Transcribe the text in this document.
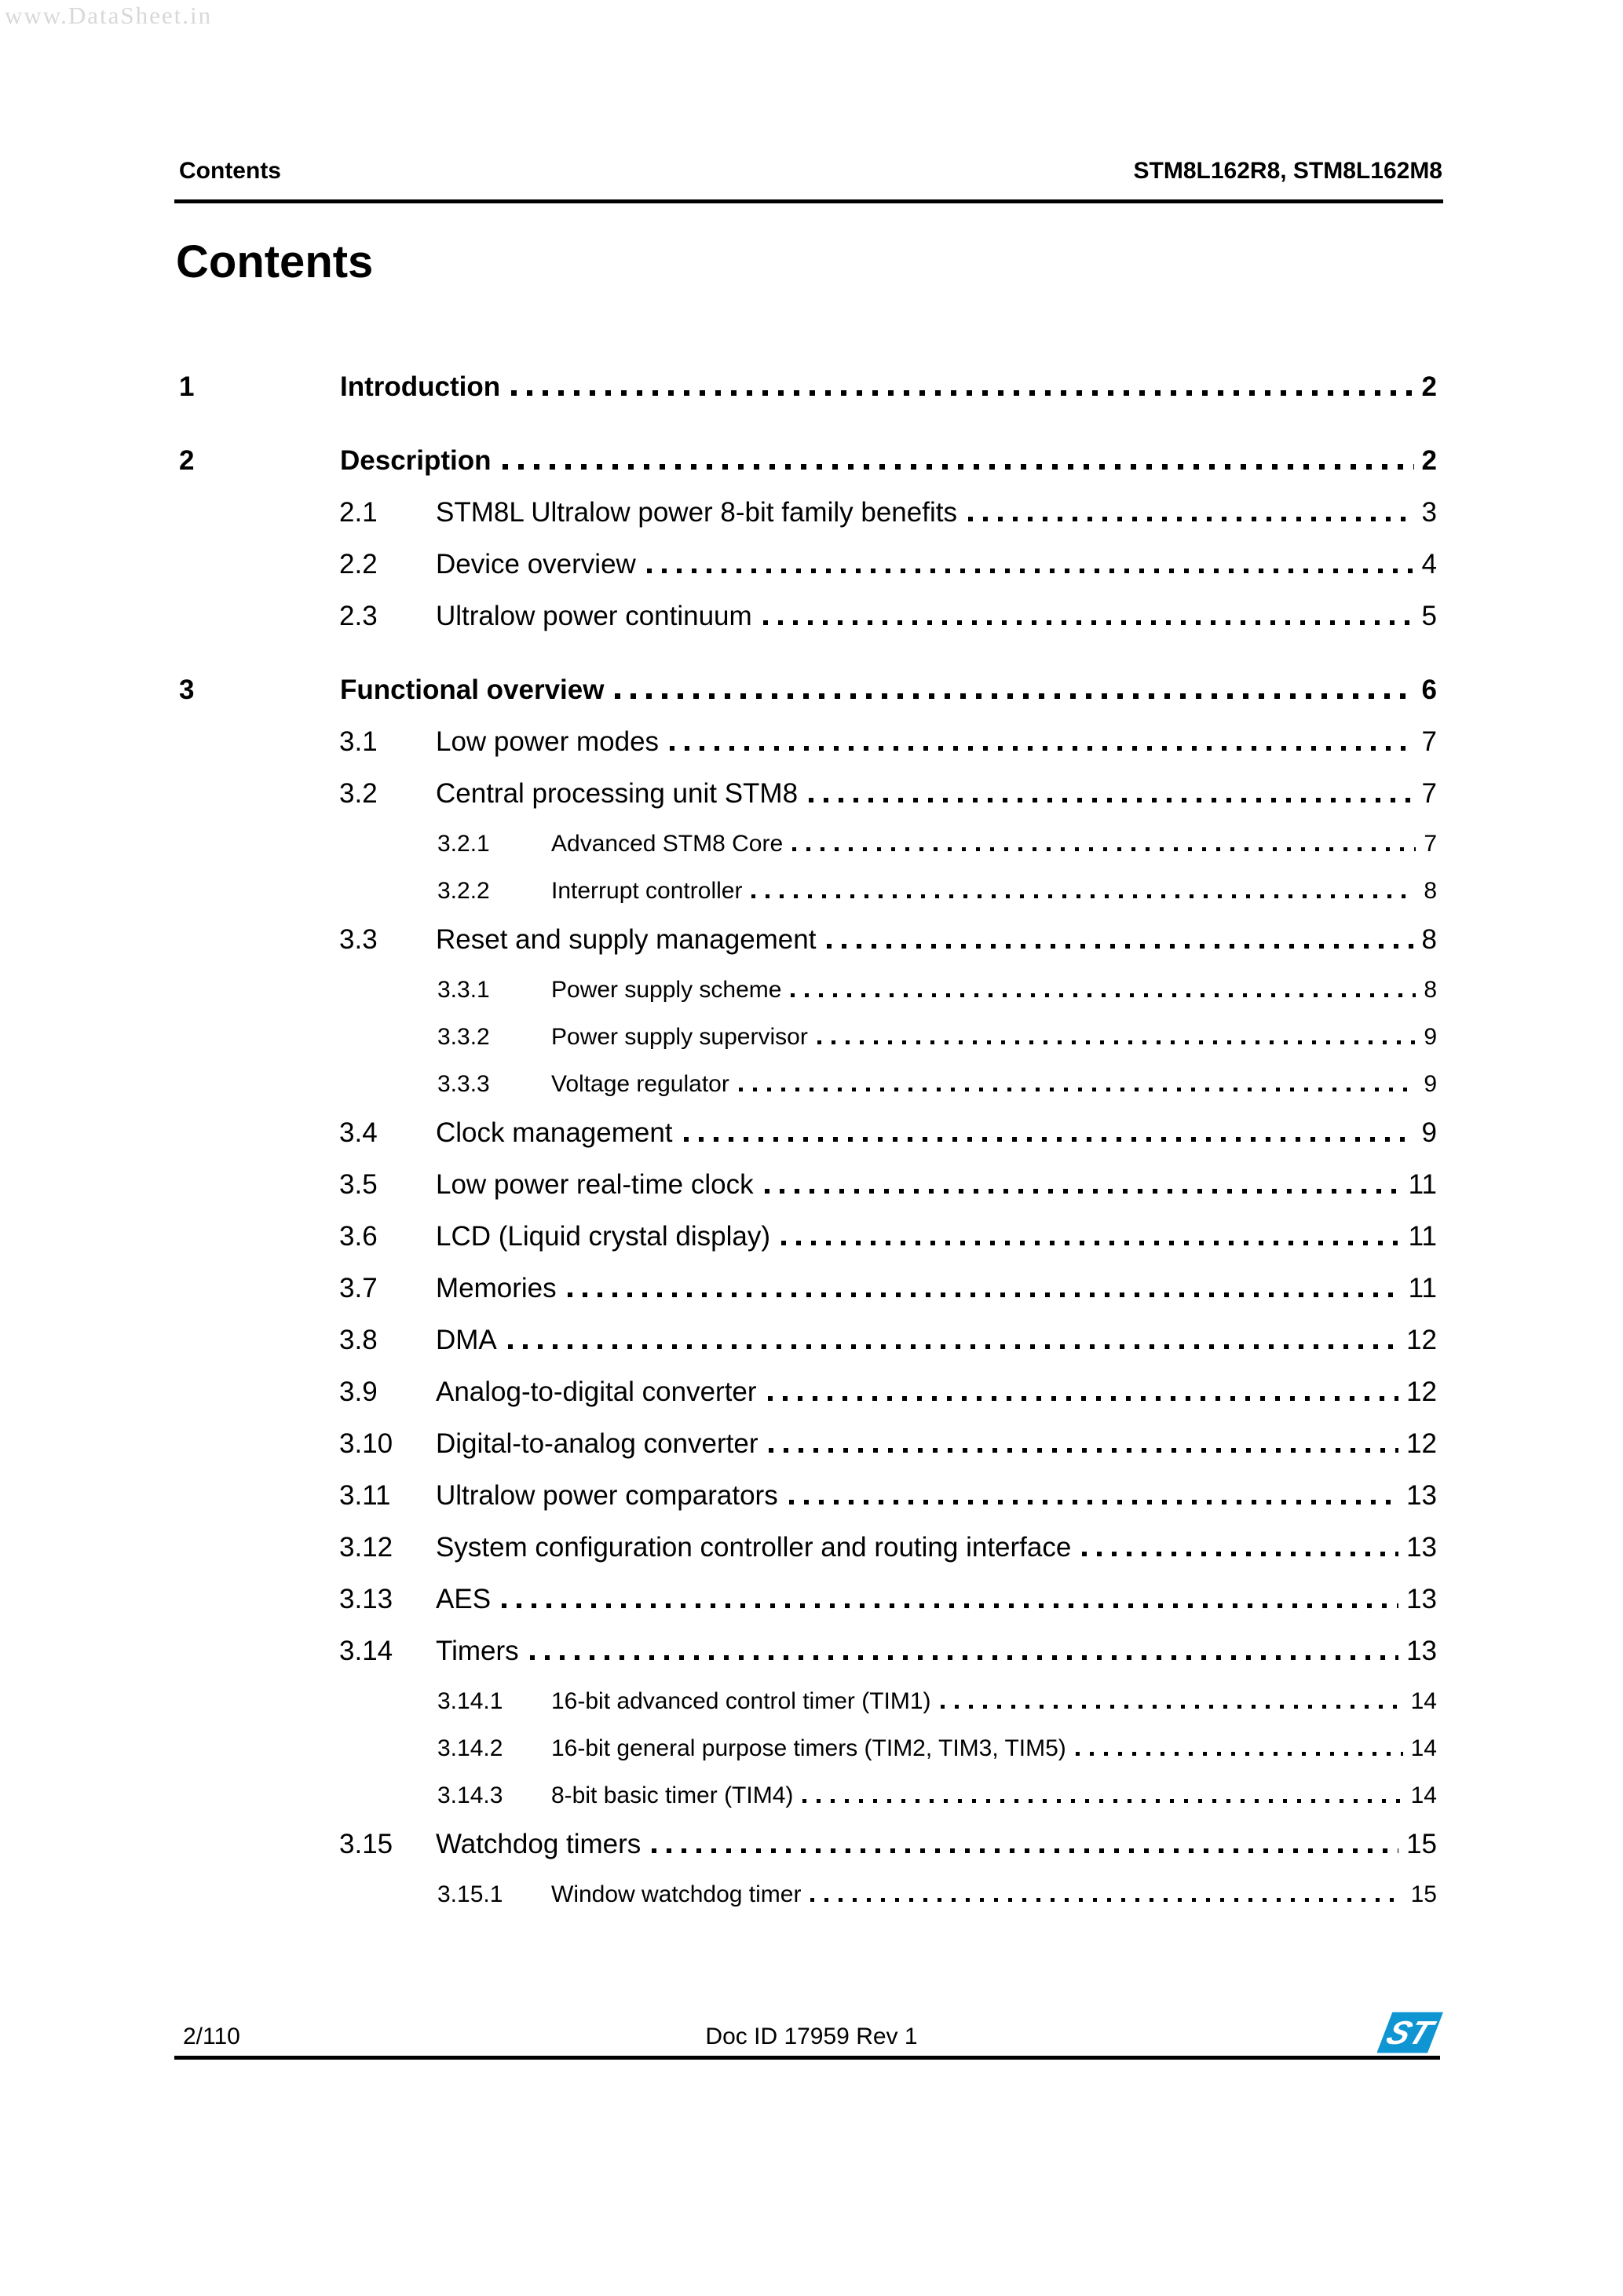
www.DataSheet.in
Contents	STM8L162R8, STM8L162M8
Contents
1	Introduction	2
2	Description	2
2.1	STM8L Ultralow power 8-bit family benefits	3
2.2	Device overview	4
2.3	Ultralow power continuum	5
3	Functional overview	6
3.1	Low power modes	7
3.2	Central processing unit STM8	7
3.2.1	Advanced STM8 Core	7
3.2.2	Interrupt controller	8
3.3	Reset and supply management	8
3.3.1	Power supply scheme	8
3.3.2	Power supply supervisor	9
3.3.3	Voltage regulator	9
3.4	Clock management	9
3.5	Low power real-time clock	11
3.6	LCD (Liquid crystal display)	11
3.7	Memories	11
3.8	DMA	12
3.9	Analog-to-digital converter	12
3.10	Digital-to-analog converter	12
3.11	Ultralow power comparators	13
3.12	System configuration controller and routing interface	13
3.13	AES	13
3.14	Timers	13
3.14.1	16-bit advanced control timer (TIM1)	14
3.14.2	16-bit general purpose timers (TIM2, TIM3, TIM5)	14
3.14.3	8-bit basic timer (TIM4)	14
3.15	Watchdog timers	15
3.15.1	Window watchdog timer	15
2/110	Doc ID 17959 Rev 1	ST
